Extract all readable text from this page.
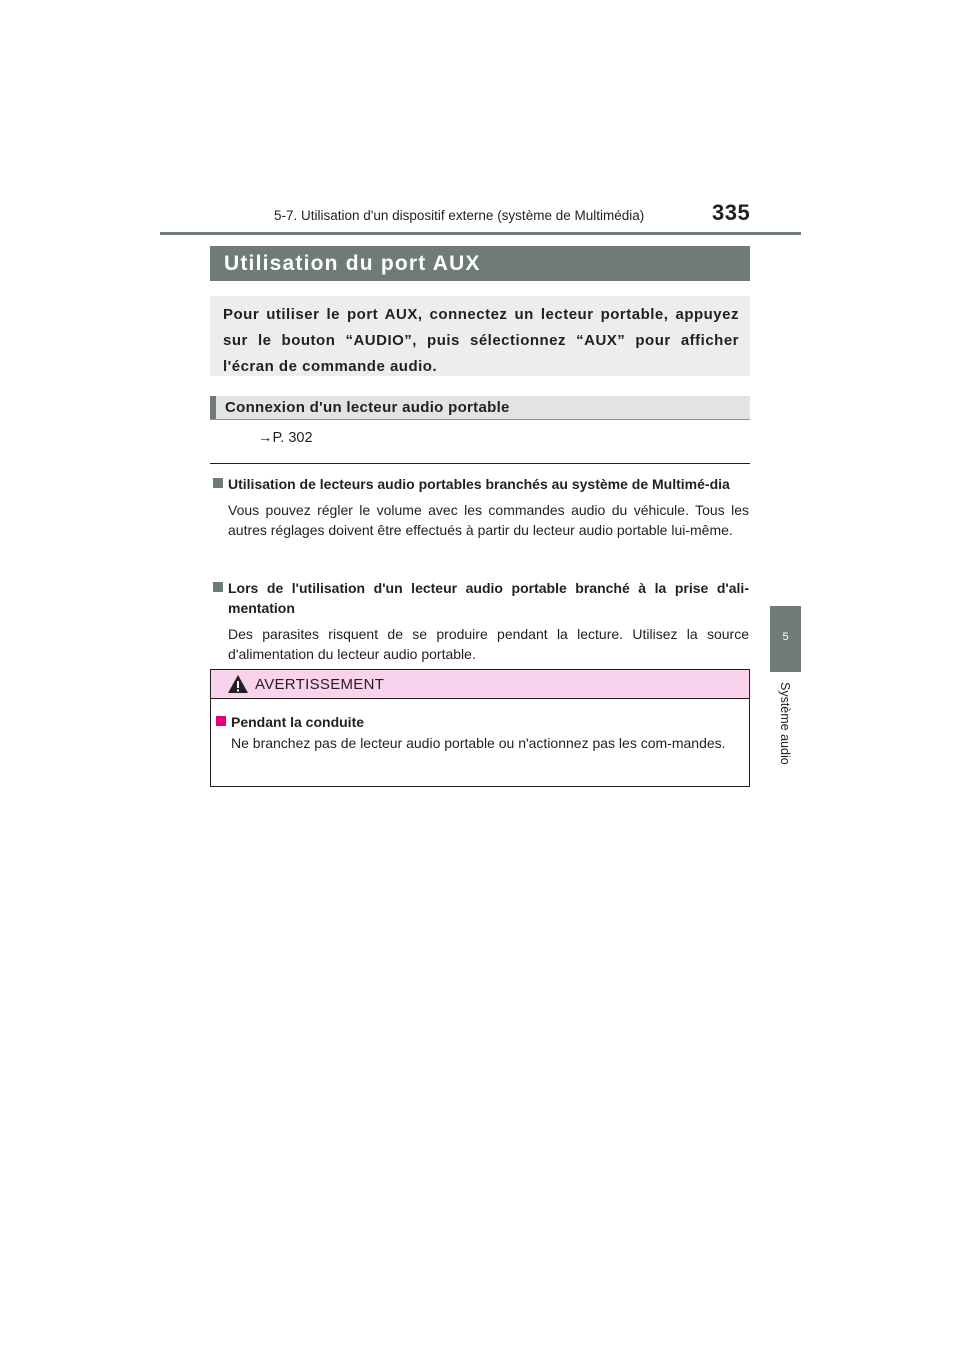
5-7. Utilisation d'un dispositif externe (système de Multimédia)	335
5
Système audio
Utilisation du port AUX

Pour utiliser le port AUX, connectez un lecteur portable, appuyez sur le bouton “AUDIO”, puis sélectionnez “AUX” pour afficher l'écran de commande audio.

Connexion d'un lecteur audio portable
→P. 302

Utilisation de lecteurs audio portables branchés au système de Multimé-dia

Vous pouvez régler le volume avec les commandes audio du véhicule. Tous les autres réglages doivent être effectués à partir du lecteur audio portable lui-même.

Lors de l'utilisation d'un lecteur audio portable branché à la prise d'ali-mentation

Des parasites risquent de se produire pendant la lecture. Utilisez la source d'alimentation du lecteur audio portable.

AVERTISSEMENT

Pendant la conduite

Ne branchez pas de lecteur audio portable ou n'actionnez pas les com-mandes.
